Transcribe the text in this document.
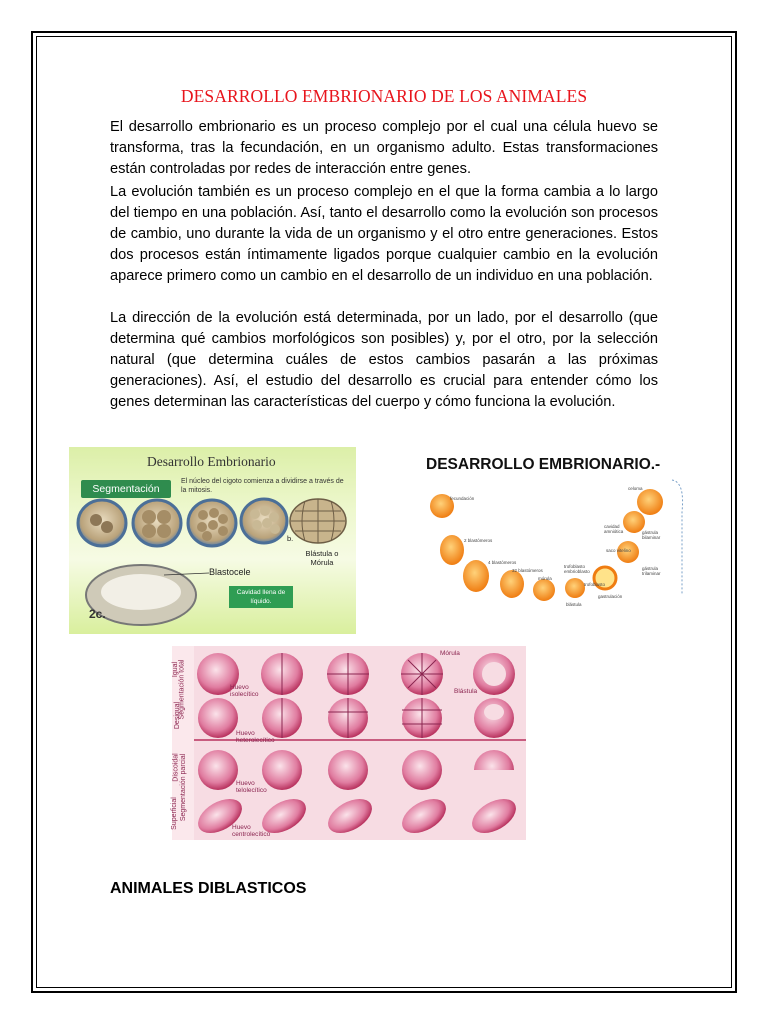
DESARROLLO EMBRIONARIO DE LOS ANIMALES

El desarrollo embrionario es un proceso complejo por el cual una célula huevo se transforma, tras la fecundación, en un organismo adulto. Estas transformaciones están controladas por redes de interacción entre genes.

La evolución también es un proceso complejo en el que la forma cambia a lo largo del tiempo en una población. Así, tanto el desarrollo como la evolución son procesos de cambio, uno durante la vida de un organismo y el otro entre generaciones. Estos dos procesos están íntimamente ligados porque cualquier cambio en la evolución aparece primero como un cambio en el desarrollo de un individuo en una población.

La dirección de la evolución está determinada, por un lado, por el desarrollo (que determina qué cambios morfológicos son posibles) y, por el otro, por la selección natural (que determina cuáles de estos cambios pasarán a las próximas generaciones). Así, el estudio del desarrollo es crucial para entender cómo los genes determinan las características del cuerpo y cómo funciona la evolución.

Desarrollo Embrionario
Segmentación
El núcleo del cigoto comienza a dividirse a través de la mitosis.
b.
Blástula o Mórula
Blastocele
Cavidad llena de líquido.
2c.
DESARROLLO EMBRIONARIO.-
fecundación
2 blastómeros
4 blastómeros
32 blastómeros
mórula
trofoblasto embrioblasto
trofoblasto
blástula
gastrulación
cavidad amniótica
saco vitelino
gástrula bilaminar
gástrula trilaminar
celoma
Segmentación total
Igual
Desigual
Segmentación parcial
Discoidal
Superficial
Huevo isolecítico
Huevo heterolecítico
Huevo telolecítico
Huevo centrolecítico
Mórula
Blástula
ANIMALES DIBLASTICOS
